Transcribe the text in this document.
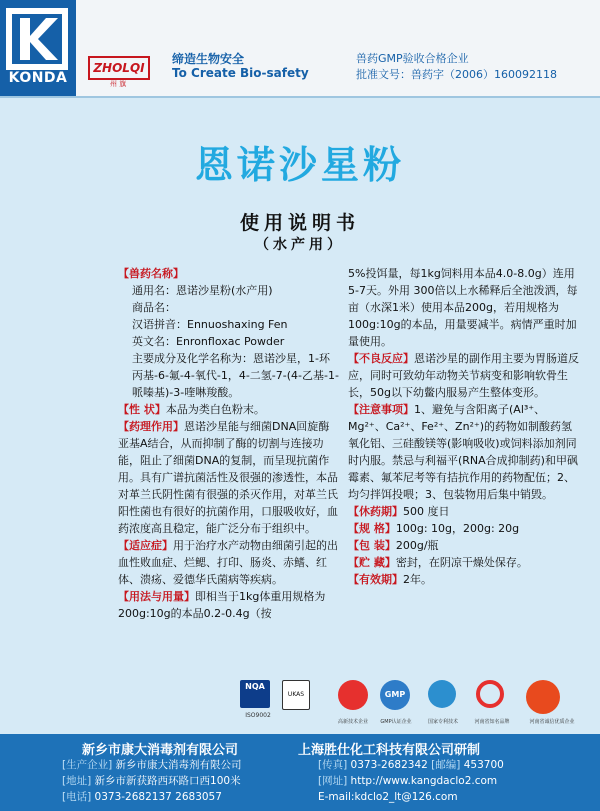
KONDA
ZHOLQI
州 旗
缔造生物安全
To Create Bio-safety
兽药GMP验收合格企业
批准文号：兽药字（2006）160092118
恩诺沙星粉
使用说明书
（水产用）

【兽药名称】

通用名：恩诺沙星粉(水产用)

商品名：

汉语拼音：Ennuoshaxing Fen

英文名：Enronfloxac Powder

主要成分及化学名称为：恩诺沙星，1-环丙基-6-氟-4-氧代-1，4-二氢-7-(4-乙基-1-哌嗪基)-3-喹啉羧酸。

【性 状】本品为类白色粉末。

【药理作用】恩诺沙星能与细菌DNA回旋酶亚基A结合，从而抑制了酶的切割与连接功能，阻止了细菌DNA的复制，而呈现抗菌作用。具有广谱抗菌活性及很强的渗透性，本品对革兰氏阴性菌有很强的杀灭作用，对革兰氏阳性菌也有很好的抗菌作用，口服吸收好，血药浓度高且稳定，能广泛分布于组织中。

【适应症】用于治疗水产动物由细菌引起的出血性败血症、烂鳃、打印、肠炎、赤鳍、红体、溃疡、爱德华氏菌病等疾病。

【用法与用量】即相当于1kg体重用规格为200g:10g的本品0.2-0.4g（按

5%投饵量，每1kg饲料用本品4.0-8.0g）连用5-7天。外用 300倍以上水稀释后全池泼洒，每亩（水深1米）使用本品200g，若用规格为100g:10g的本品，用量要减半。病情严重时加量使用。

【不良反应】恩诺沙星的副作用主要为胃肠道反应，同时可致幼年动物关节病变和影响软骨生长，50g以下幼鳖内服易产生整体变形。

【注意事项】1、避免与含阳离子(Al³⁺、Mg²⁺、Ca²⁺、Fe²⁺、Zn²⁺)的药物如制酸药氢氧化铝、三硅酸镁等(影响吸收)或饲料添加剂同时内服。禁忌与利福平(RNA合成抑制药)和甲砜霉素、氟苯尼考等有拮抗作用的药物配伍；2、均匀拌饵投喂；3、包装物用后集中销毁。

【休药期】500 度日

【规 格】100g: 10g，200g: 20g

【包 装】200g/瓶

【贮 藏】密封，在阴凉干燥处保存。

【有效期】2年。

NQA
ISO9002
UKAS
高新技术企业
GMP
GMP认证企业	国家专利技术	河南省知名品牌	河南省诚信优质企业
新乡市康大消毒剂有限公司	上海胜仕化工科技有限公司研制
[生产企业] 新乡市康大消毒剂有限公司
[地址] 新乡市新获路西环路口西100米
[电话] 0373-2682137 2683057
[传真] 0373-2682342 [邮编] 453700
[网址] http://www.kangdaclo2.com
E-mail:kdclo2_lt@126.com
